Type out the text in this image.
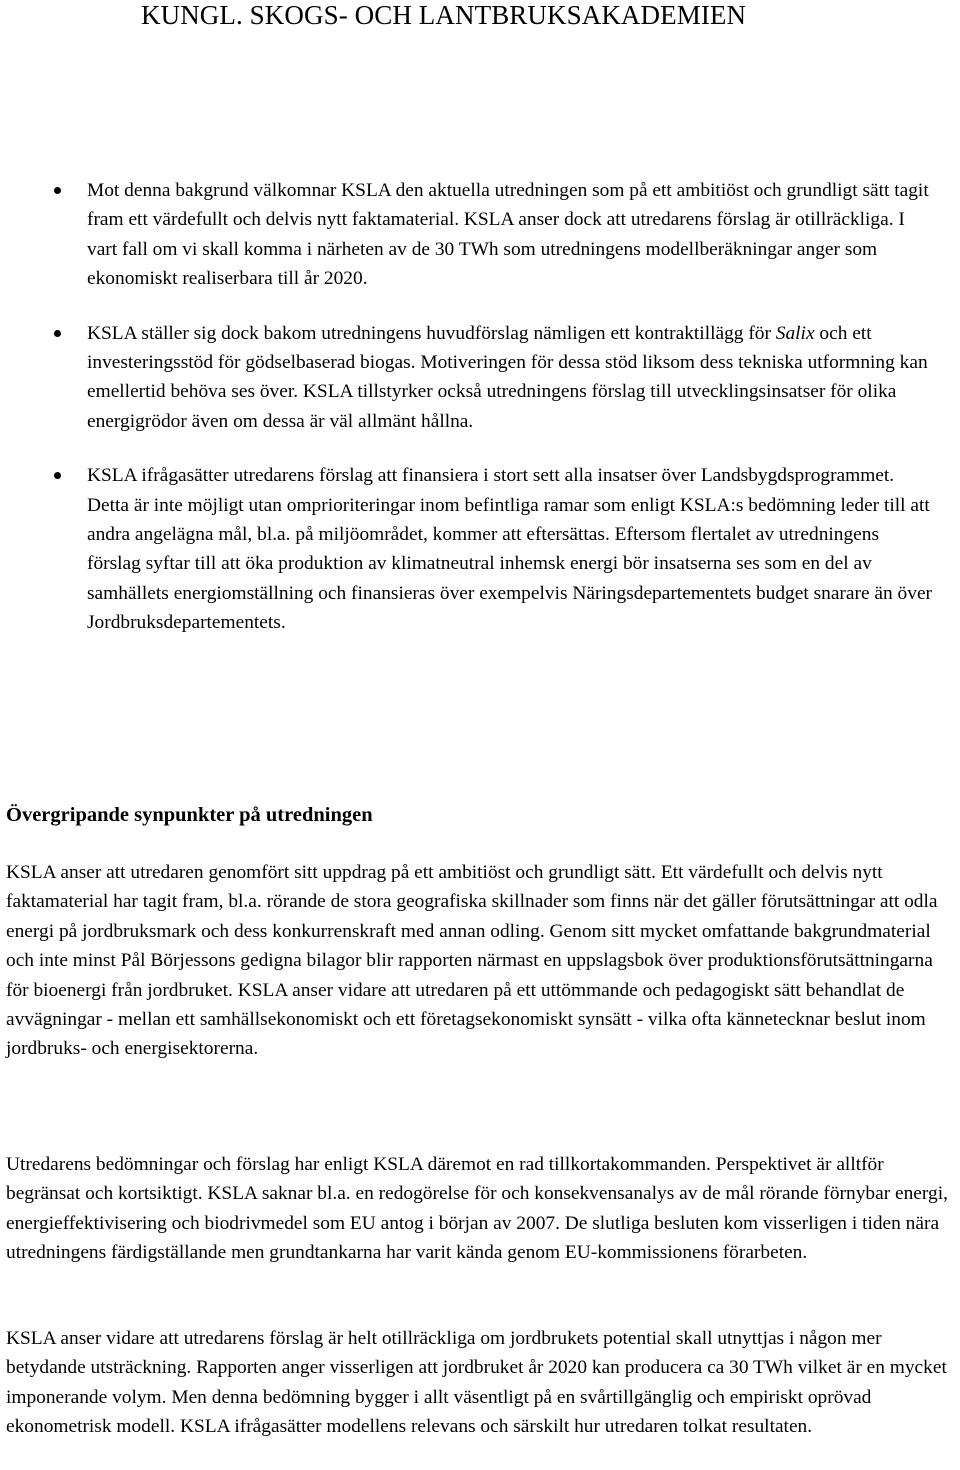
KUNGL. SKOGS- OCH LANTBRUKSAKADEMIEN
Mot denna bakgrund välkomnar KSLA den aktuella utredningen som på ett ambitiöst och grundligt sätt tagit fram ett värdefullt och delvis nytt faktamaterial. KSLA anser dock att utredarens förslag är otillräckliga. I vart fall om vi skall komma i närheten av de 30 TWh som utredningens modellberäkningar anger som ekonomiskt realiserbara till år 2020.
KSLA ställer sig dock bakom utredningens huvudförslag nämligen ett kontraktillägg för Salix och ett investeringsstöd för gödselbaserad biogas. Motiveringen för dessa stöd liksom dess tekniska utformning kan emellertid behöva ses över. KSLA tillstyrker också utredningens förslag till utvecklingsinsatser för olika energigrödor även om dessa är väl allmänt hållna.
KSLA ifrågasätter utredarens förslag att finansiera i stort sett alla insatser över Landsbygdsprogrammet. Detta är inte möjligt utan omprioriteringar inom befintliga ramar som enligt KSLA:s bedömning leder till att andra angelägna mål, bl.a. på miljöområdet, kommer att eftersättas. Eftersom flertalet av utredningens förslag syftar till att öka produktion av klimatneutral inhemsk energi bör insatserna ses som en del av samhällets energiomställning och finansieras över exempelvis Näringsdepartementets budget snarare än över Jordbruksdepartementets.
Övergripande synpunkter på utredningen

KSLA anser att utredaren genomfört sitt uppdrag på ett ambitiöst och grundligt sätt. Ett värdefullt och delvis nytt faktamaterial har tagit fram, bl.a. rörande de stora geografiska skillnader som finns när det gäller förutsättningar att odla energi på jordbruksmark och dess konkurrenskraft med annan odling. Genom sitt mycket omfattande bakgrundmaterial och inte minst Pål Börjessons gedigna bilagor blir rapporten närmast en uppslagsbok över produktionsförutsättningarna för bioenergi från jordbruket. KSLA anser vidare att utredaren på ett uttömmande och pedagogiskt sätt behandlat de avvägningar - mellan ett samhällsekonomiskt och ett företagsekonomiskt synsätt - vilka ofta kännetecknar beslut inom jordbruks- och energisektorerna.

Utredarens bedömningar och förslag har enligt KSLA däremot en rad tillkortakommanden. Perspektivet är alltför begränsat och kortsiktigt. KSLA saknar bl.a. en redogörelse för och konsekvensanalys av de mål rörande förnybar energi, energieffektivisering och biodrivmedel som EU antog i början av 2007. De slutliga besluten kom visserligen i tiden nära utredningens färdigställande men grundtankarna har varit kända genom EU-kommissionens förarbeten.

KSLA anser vidare att utredarens förslag är helt otillräckliga om jordbrukets potential skall utnyttjas i någon mer betydande utsträckning. Rapporten anger visserligen att jordbruket år 2020 kan producera ca 30 TWh vilket är en mycket imponerande volym. Men denna bedömning bygger i allt väsentligt på en svårtillgänglig och empiriskt oprövad ekonometrisk modell. KSLA ifrågasätter modellens relevans och särskilt hur utredaren tolkat resultaten.
